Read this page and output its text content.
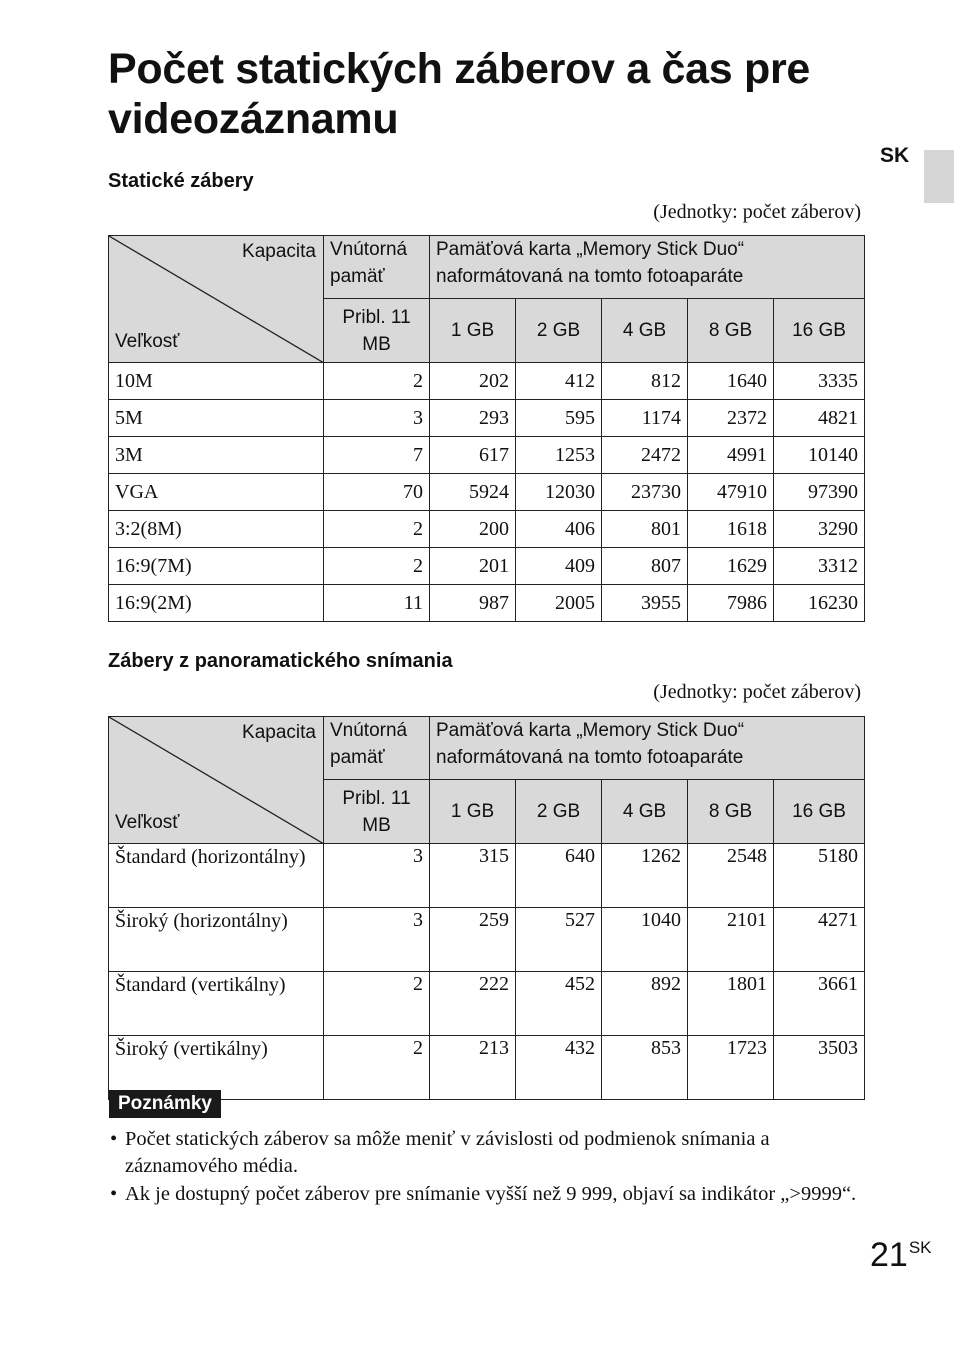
Počet statických záberov a čas pre videozáznamu
SK
Statické zábery
(Jednotky: počet záberov)
Kapacita
Veľkosť	Vnútorná pamäť	Pamäťová karta „Memory Stick Duo“ naformátovaná na tomto fotoaparáte				
	Pribl. 11 MB	1 GB	2 GB	4 GB	8 GB	16 GB
10M	2	202	412	812	1640	3335
5M	3	293	595	1174	2372	4821
3M	7	617	1253	2472	4991	10140
VGA	70	5924	12030	23730	47910	97390
3:2(8M)	2	200	406	801	1618	3290
16:9(7M)	2	201	409	807	1629	3312
16:9(2M)	11	987	2005	3955	7986	16230
Zábery z panoramatického snímania
(Jednotky: počet záberov)
Kapacita
Veľkosť	Vnútorná pamäť	Pamäťová karta „Memory Stick Duo“ naformátovaná na tomto fotoaparáte				
	Pribl. 11 MB	1 GB	2 GB	4 GB	8 GB	16 GB
Štandard (horizontálny)	3	315	640	1262	2548	5180
Široký (horizontálny)	3	259	527	1040	2101	4271
Štandard (vertikálny)	2	222	452	892	1801	3661
Široký (vertikálny)	2	213	432	853	1723	3503
Poznámky
• Počet statických záberov sa môže meniť v závislosti od podmienok snímania a záznamového média.
• Ak je dostupný počet záberov pre snímanie vyšší než 9 999, objaví sa indikátor „>9999“.
$21^{SK}$
